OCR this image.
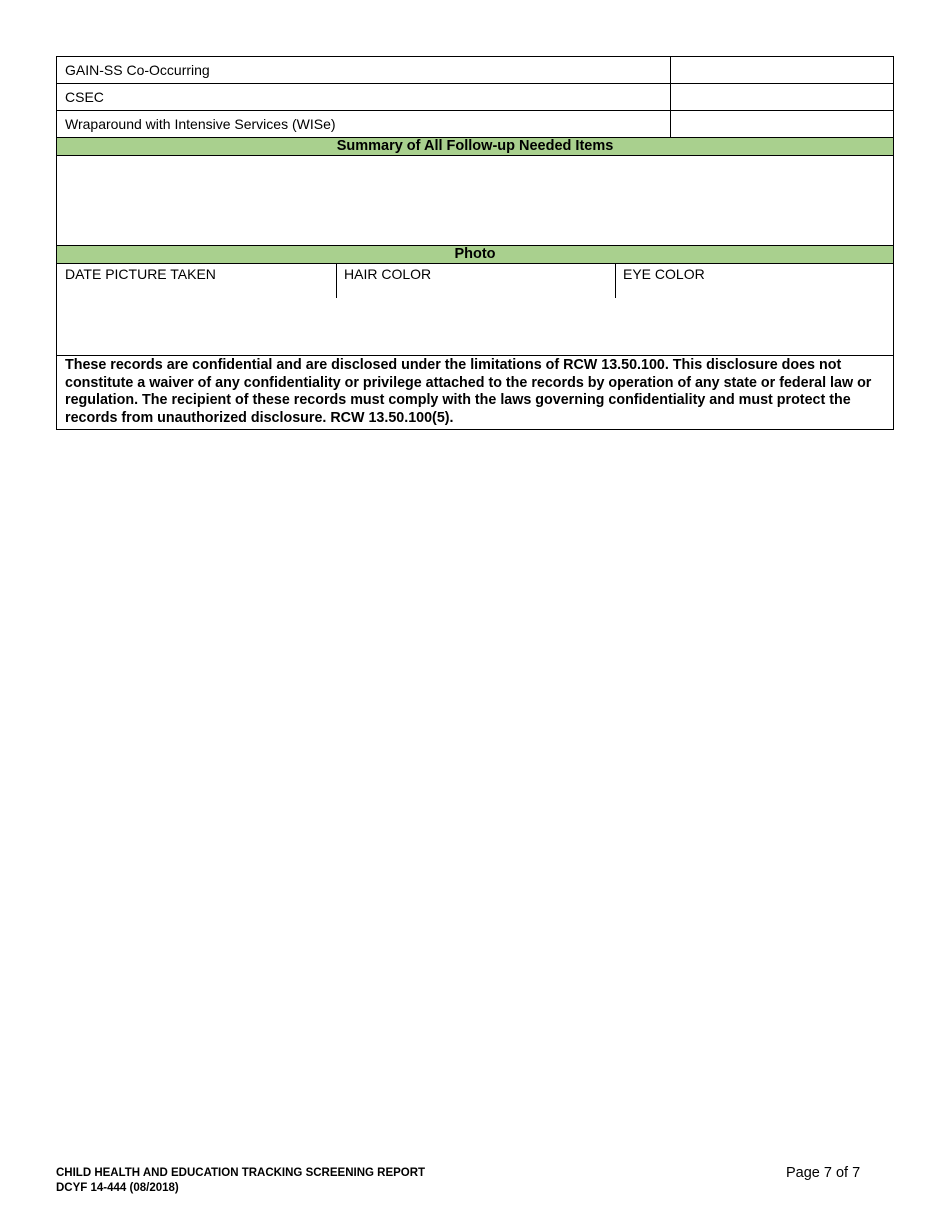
GAIN-SS Co-Occurring
CSEC
Wraparound with Intensive Services (WISe)
Summary of All Follow-up Needed Items
Photo
DATE PICTURE TAKEN	HAIR COLOR	EYE COLOR
These records are confidential and are disclosed under the limitations of RCW 13.50.100. This disclosure does not constitute a waiver of any confidentiality or privilege attached to the records by operation of any state or federal law or regulation. The recipient of these records must comply with the laws governing confidentiality and must protect the records from unauthorized disclosure. RCW 13.50.100(5).
CHILD HEALTH AND EDUCATION TRACKING SCREENING REPORT
DCYF 14-444 (08/2018)
Page 7 of 7
